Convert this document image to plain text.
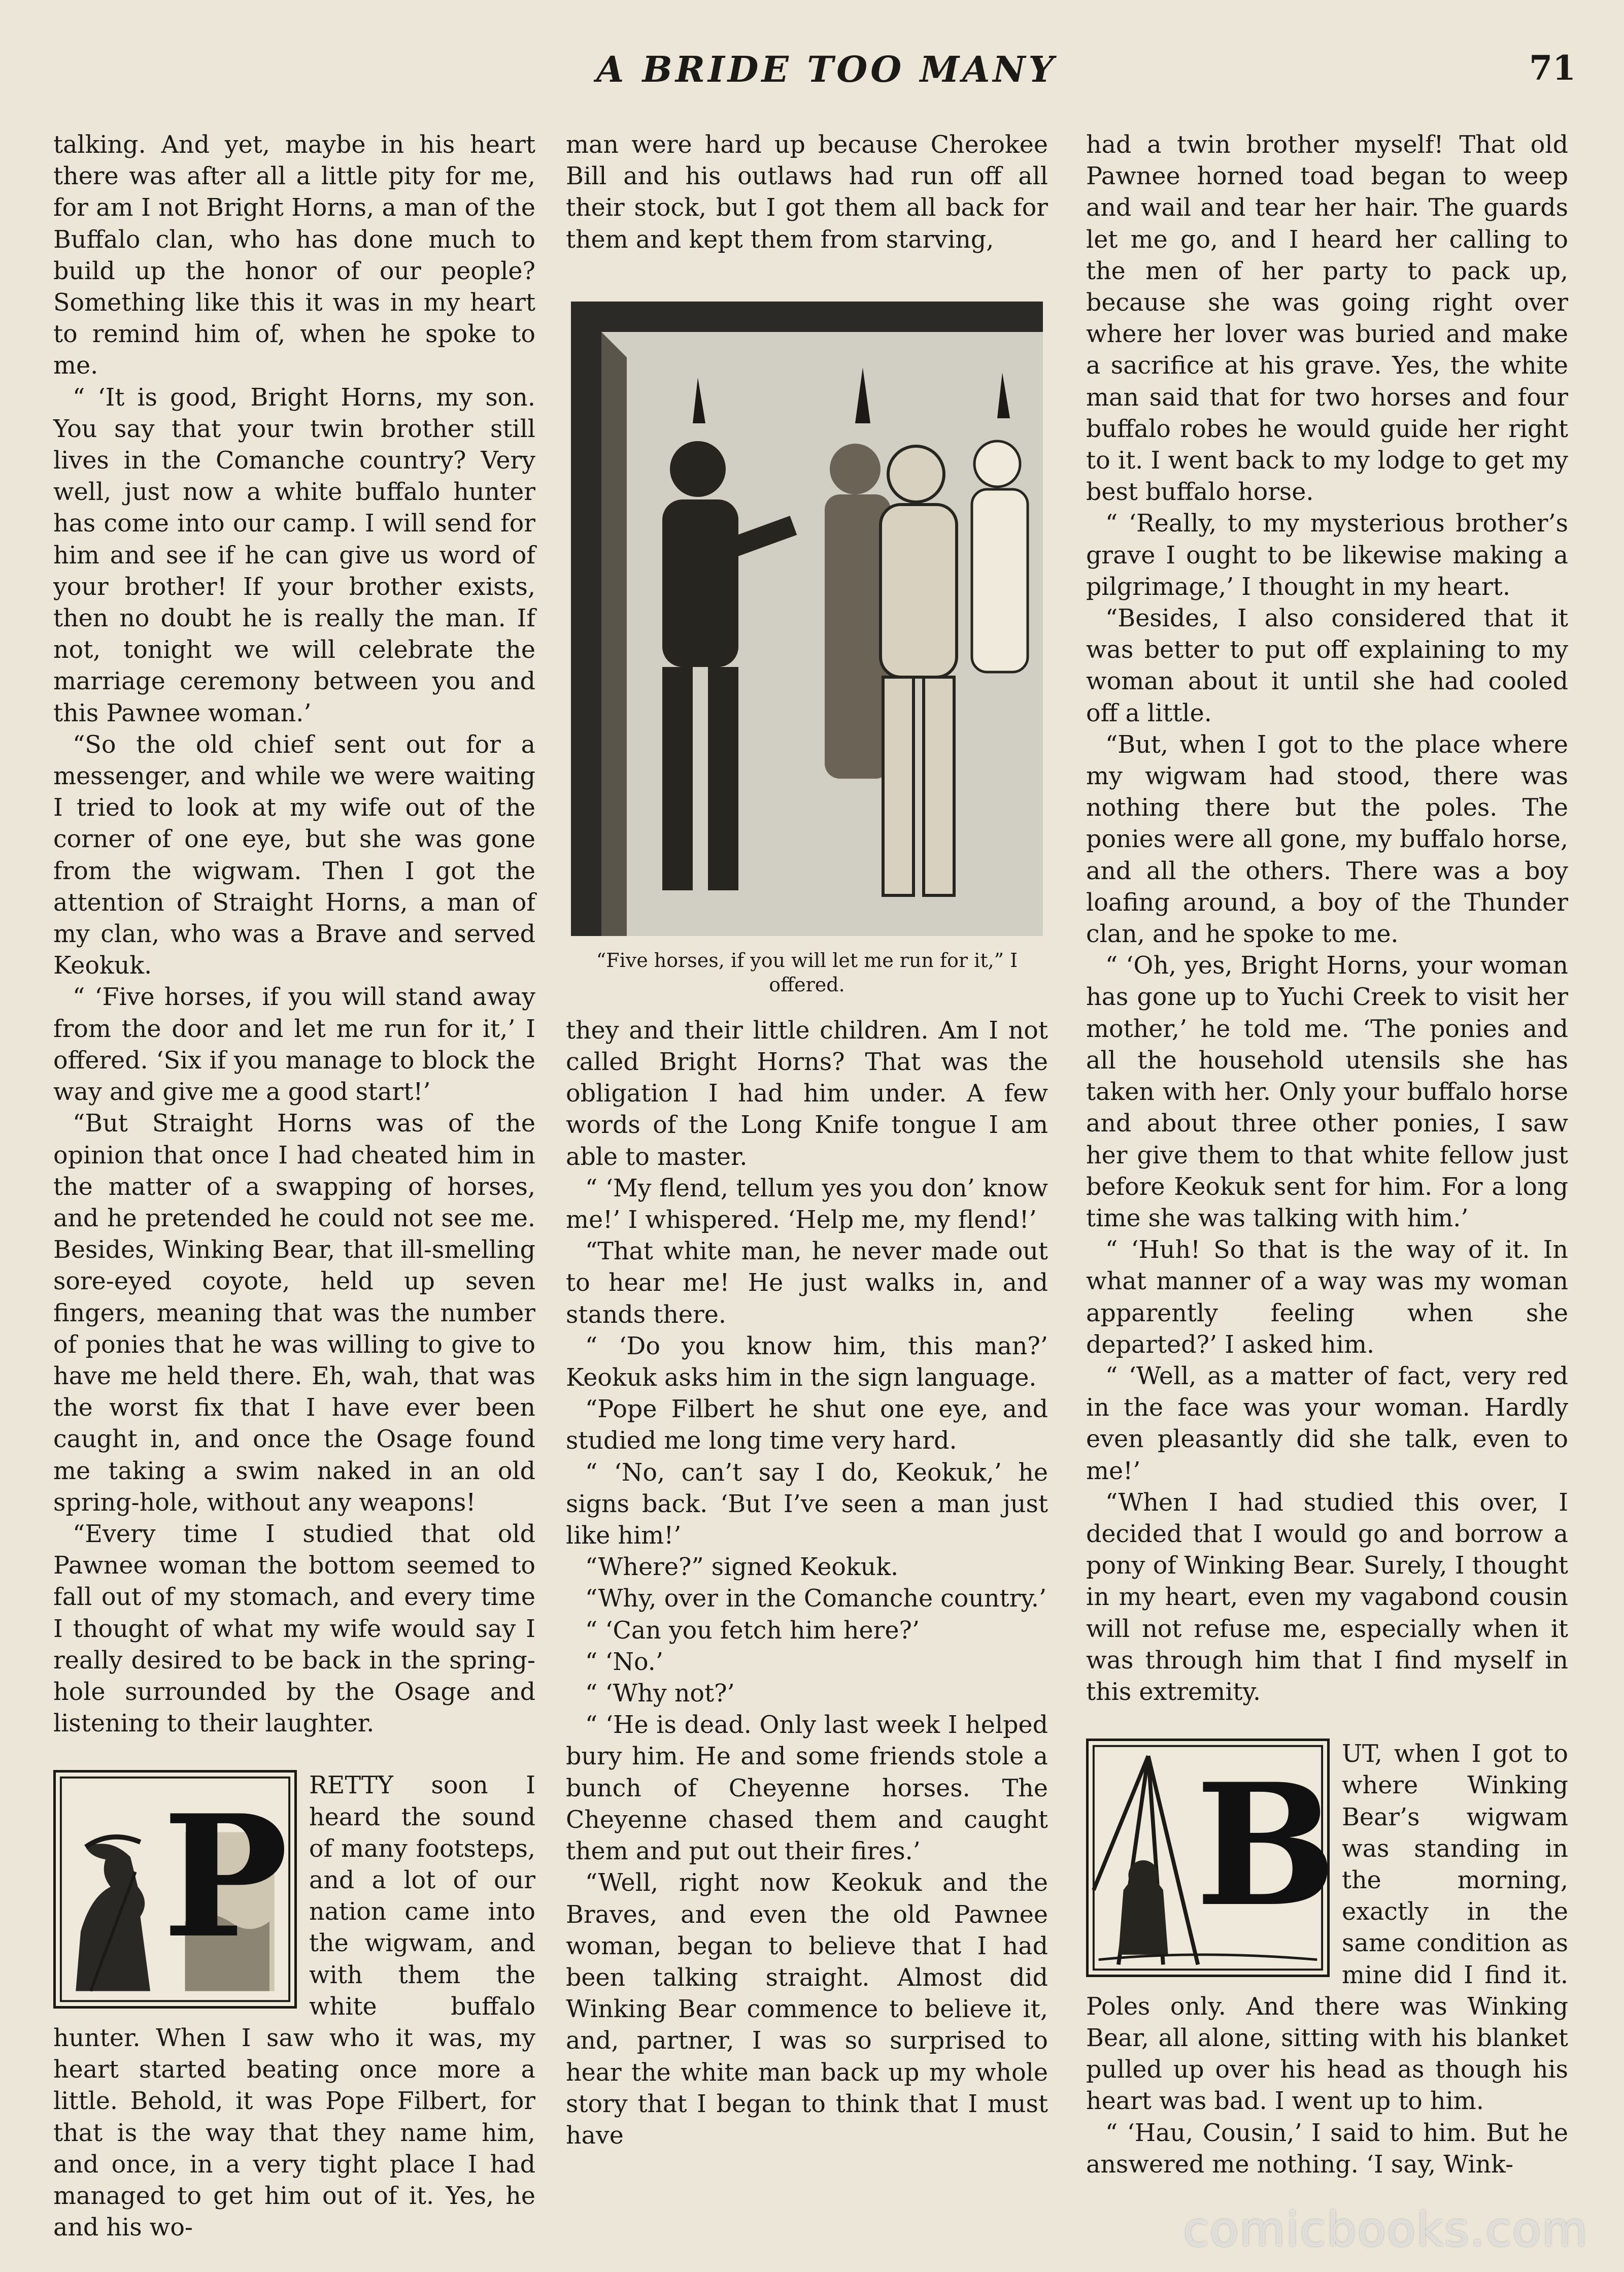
A BRIDE TOO MANY	71

talking. And yet, maybe in his heart there was after all a little pity for me, for am I not Bright Horns, a man of the Buffalo clan, who has done much to build up the honor of our people? Something like this it was in my heart to remind him of, when he spoke to me.

“ ‘It is good, Bright Horns, my son. You say that your twin brother still lives in the Comanche country? Very well, just now a white buffalo hunter has come into our camp. I will send for him and see if he can give us word of your brother! If your brother exists, then no doubt he is really the man. If not, tonight we will celebrate the marriage ceremony between you and this Pawnee woman.’

“So the old chief sent out for a messenger, and while we were waiting I tried to look at my wife out of the corner of one eye, but she was gone from the wigwam. Then I got the attention of Straight Horns, a man of my clan, who was a Brave and served Keokuk.

“ ‘Five horses, if you will stand away from the door and let me run for it,’ I offered. ‘Six if you manage to block the way and give me a good start!’

“But Straight Horns was of the opinion that once I had cheated him in the matter of a swapping of horses, and he pretended he could not see me. Besides, Winking Bear, that ill-smelling sore-eyed coyote, held up seven fingers, meaning that was the number of ponies that he was willing to give to have me held there. Eh, wah, that was the worst fix that I have ever been caught in, and once the Osage found me taking a swim naked in an old spring-hole, without any weapons!

“Every time I studied that old Pawnee woman the bottom seemed to fall out of my stomach, and every time I thought of what my wife would say I really desired to be back in the spring-hole surrounded by the Osage and listening to their laughter.

P RETTY soon I heard the sound of many footsteps, and a lot of our nation came into the wigwam, and with them the white buffalo hunter. When I saw who it was, my heart started beating once more a little. Behold, it was Pope Filbert, for that is the way that they name him, and once, in a very tight place I had managed to get him out of it. Yes, he and his wo-

man were hard up because Cherokee Bill and his outlaws had run off all their stock, but I got them all back for them and kept them from starving,

“Five horses, if you will let me run for it,” I offered.

they and their little children. Am I not called Bright Horns? That was the obligation I had him under. A few words of the Long Knife tongue I am able to master.

“ ‘My flend, tellum yes you don’ know me!’ I whispered. ‘Help me, my flend!’

“That white man, he never made out to hear me! He just walks in, and stands there.

“ ‘Do you know him, this man?’ Keokuk asks him in the sign language.

“Pope Filbert he shut one eye, and studied me long time very hard.

“ ‘No, can’t say I do, Keokuk,’ he signs back. ‘But I’ve seen a man just like him!’

“Where?” signed Keokuk.

“Why, over in the Comanche country.’

“ ‘Can you fetch him here?’

“ ‘No.’

“ ‘Why not?’

“ ‘He is dead. Only last week I helped bury him. He and some friends stole a bunch of Cheyenne horses. The Cheyenne chased them and caught them and put out their fires.’

“Well, right now Keokuk and the Braves, and even the old Pawnee woman, began to believe that I had been talking straight. Almost did Winking Bear commence to believe it, and, partner, I was so surprised to hear the white man back up my whole story that I began to think that I must have

had a twin brother myself! That old Pawnee horned toad began to weep and wail and tear her hair. The guards let me go, and I heard her calling to the men of her party to pack up, because she was going right over where her lover was buried and make a sacrifice at his grave. Yes, the white man said that for two horses and four buffalo robes he would guide her right to it. I went back to my lodge to get my best buffalo horse.

“ ‘Really, to my mysterious brother’s grave I ought to be likewise making a pilgrimage,’ I thought in my heart.

“Besides, I also considered that it was better to put off explaining to my woman about it until she had cooled off a little.

“But, when I got to the place where my wigwam had stood, there was nothing there but the poles. The ponies were all gone, my buffalo horse, and all the others. There was a boy loafing around, a boy of the Thunder clan, and he spoke to me.

“ ‘Oh, yes, Bright Horns, your woman has gone up to Yuchi Creek to visit her mother,’ he told me. ‘The ponies and all the household utensils she has taken with her. Only your buffalo horse and about three other ponies, I saw her give them to that white fellow just before Keokuk sent for him. For a long time she was talking with him.’

“ ‘Huh! So that is the way of it. In what manner of a way was my woman apparently feeling when she departed?’ I asked him.

“ ‘Well, as a matter of fact, very red in the face was your woman. Hardly even pleasantly did she talk, even to me!’

“When I had studied this over, I decided that I would go and borrow a pony of Winking Bear. Surely, I thought in my heart, even my vagabond cousin will not refuse me, especially when it was through him that I find myself in this extremity.

B UT, when I got to where Winking Bear’s wigwam was standing in the morning, exactly in the same condition as mine did I find it. Poles only. And there was Winking Bear, all alone, sitting with his blanket pulled up over his head as though his heart was bad. I went up to him.

“ ‘Hau, Cousin,’ I said to him. But he answered me nothing. ‘I say, Wink-

comicbooks.com
